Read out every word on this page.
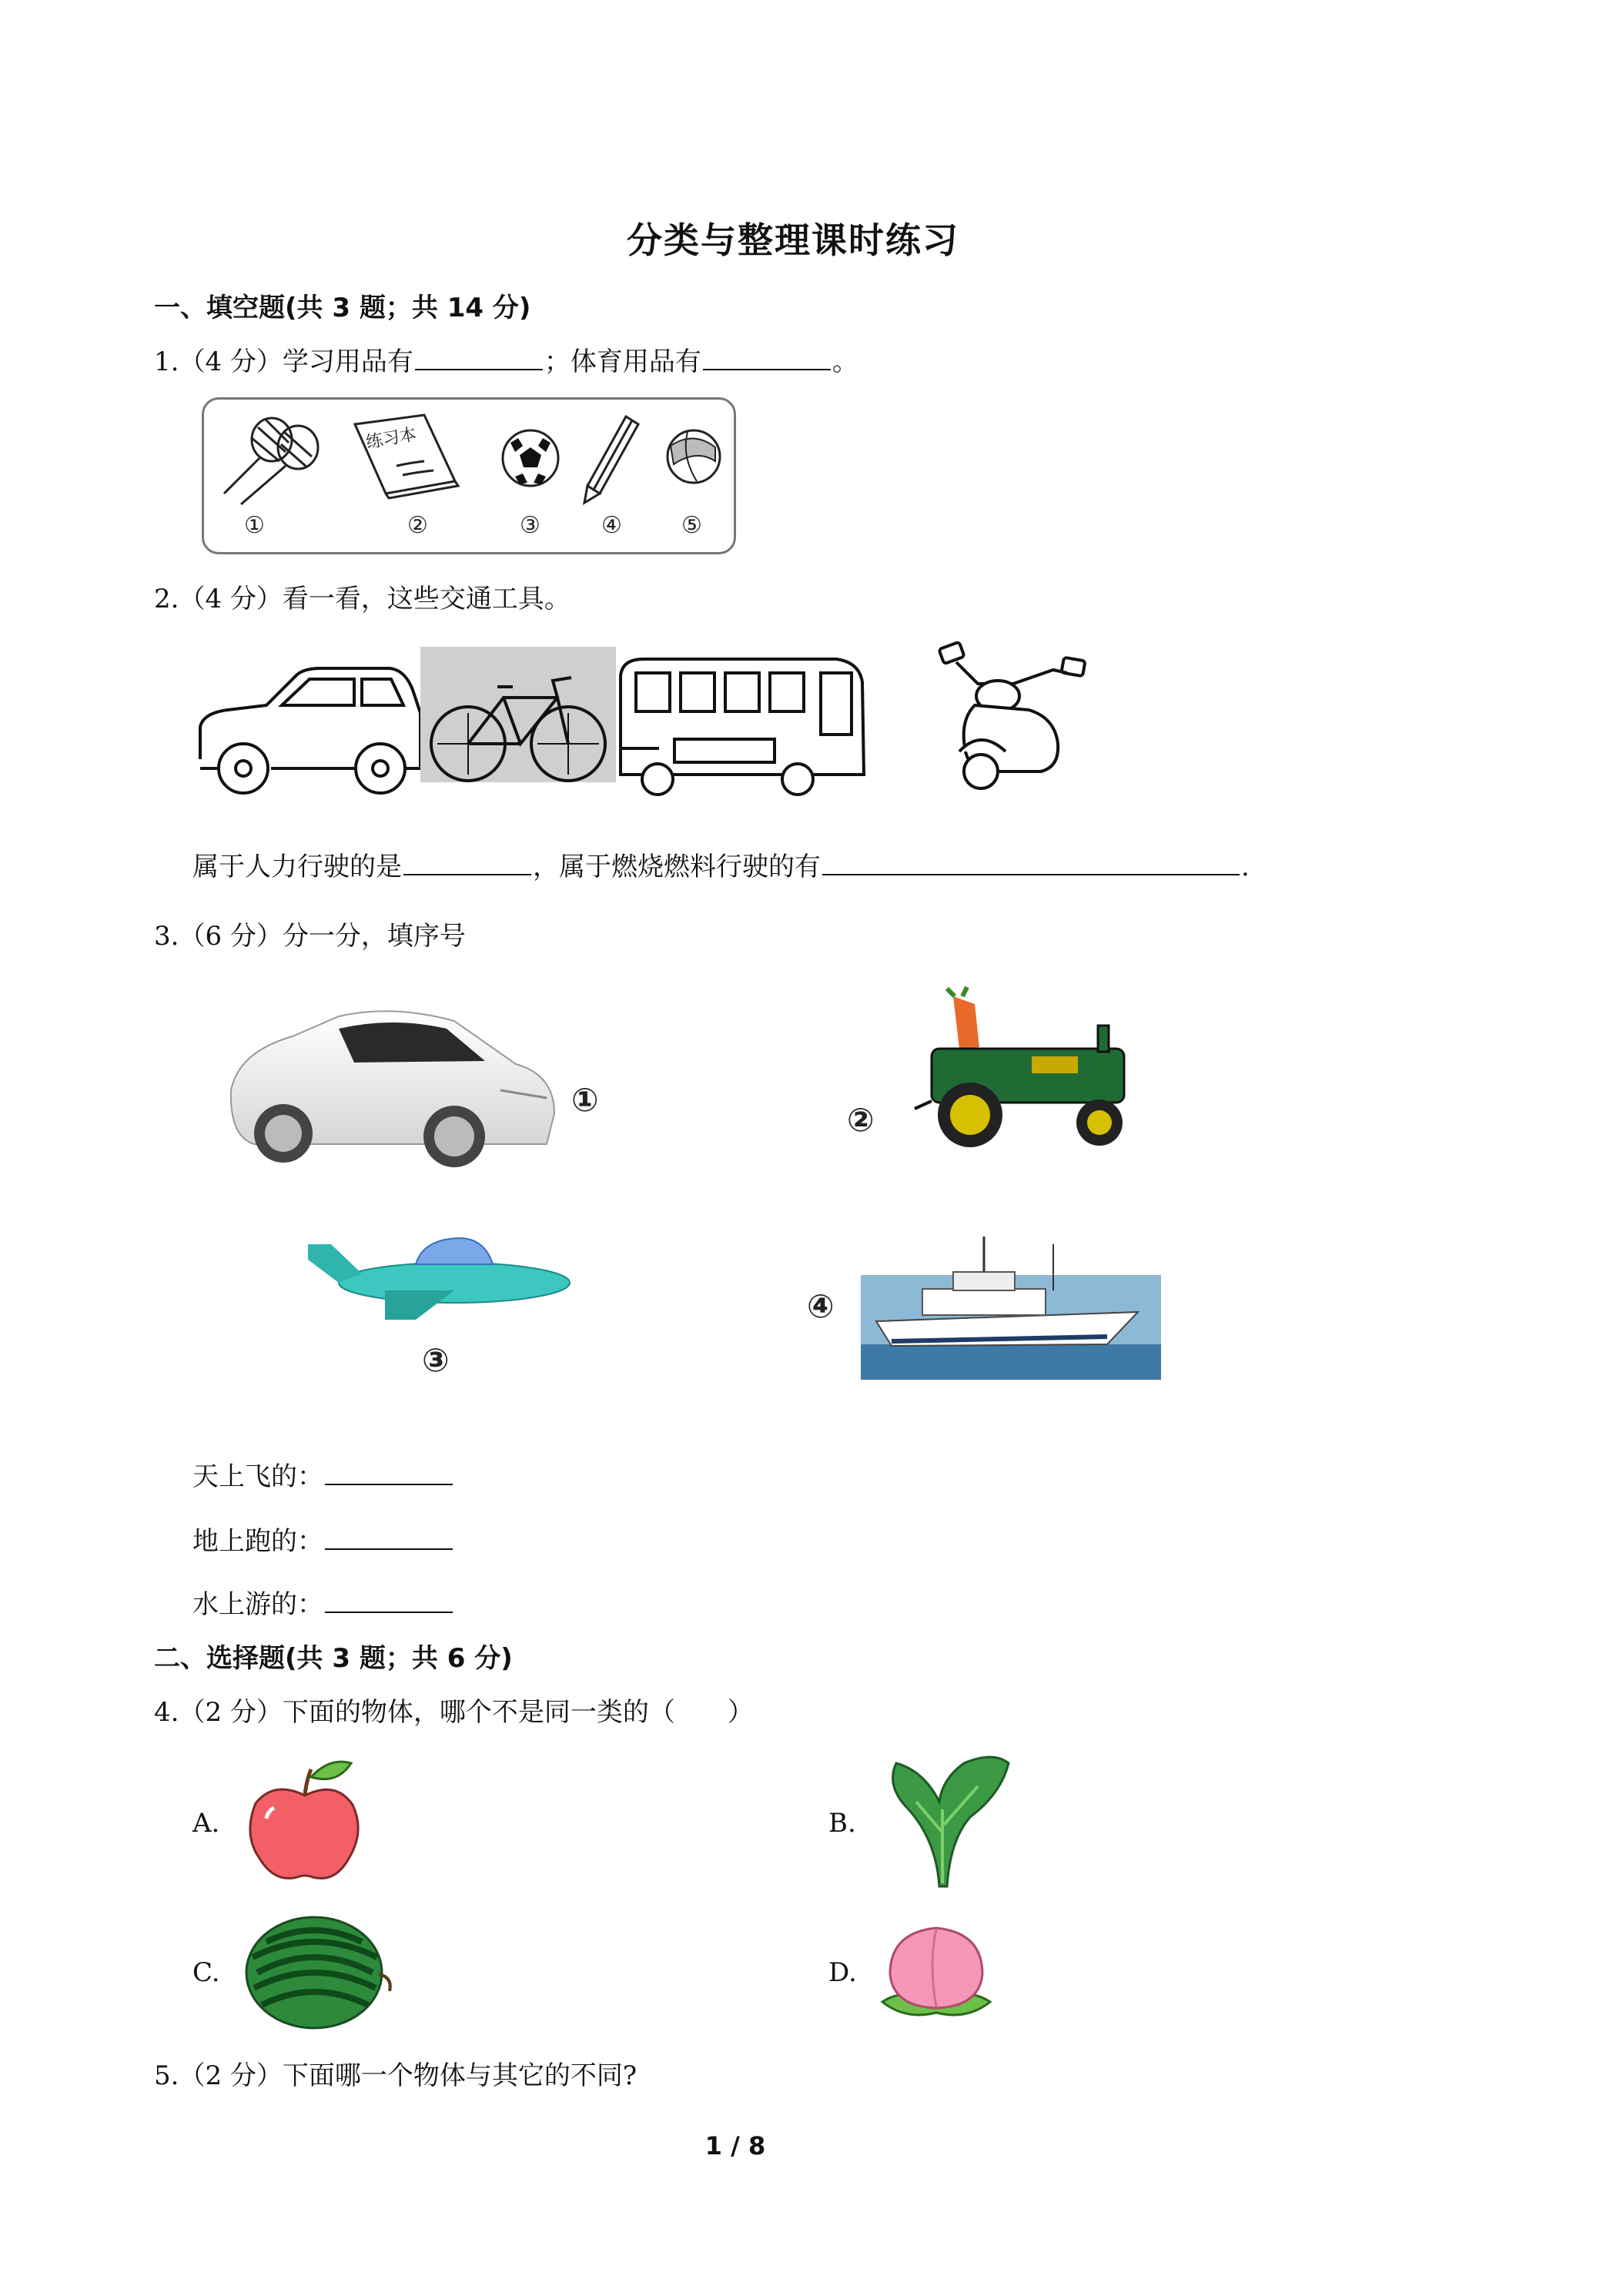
分类与整理课时练习
一、填空题(共 3 题；共 14 分)
1.（4 分）学习用品有	；体育用品有	。
练习本
①	②	③	④	⑤
2.（4 分）看一看，这些交通工具。
属于人力行驶的是	，属于燃烧燃料行驶的有	.
3.（6 分）分一分，填序号
①
②
③
④
天上飞的：
地上跑的：
水上游的：
二、选择题(共 3 题；共 6 分)
4.（2 分）下面的物体，哪个不是同一类的（　　）
A.	B.
C.	D.
5.（2 分）下面哪一个物体与其它的不同?
1 / 8
